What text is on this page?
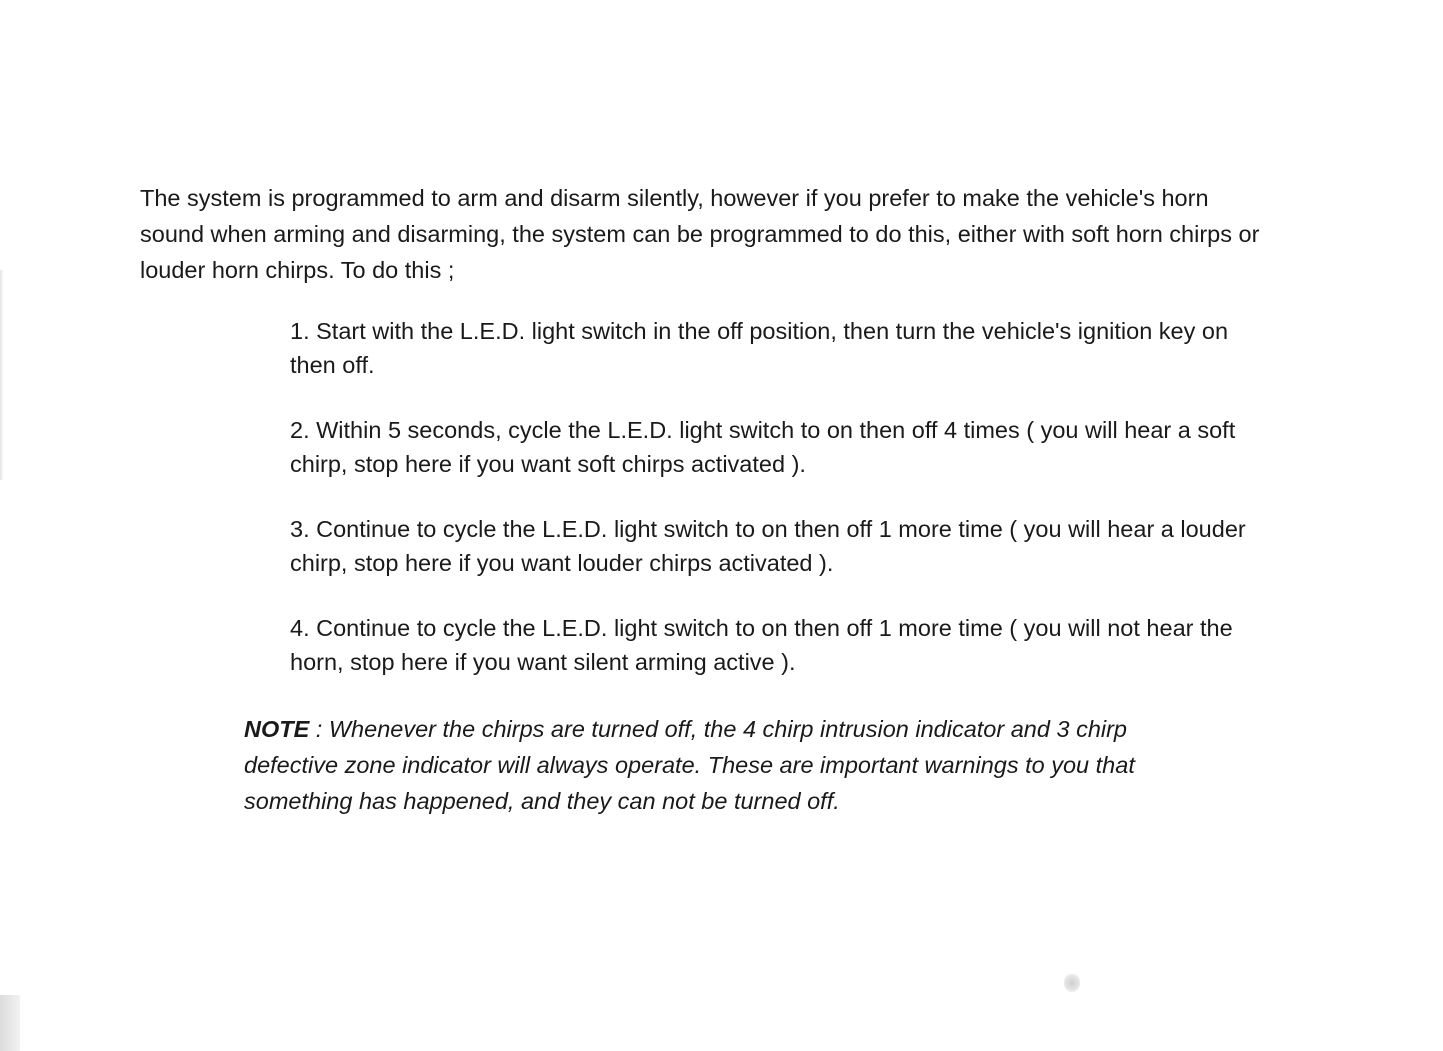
The system is programmed to arm and disarm silently, however if you prefer to make the vehicle's horn sound when arming and disarming, the system can be programmed to do this, either with soft horn chirps or louder horn chirps. To do this ;

1. Start with the L.E.D. light switch in the off position, then turn the vehicle's ignition key on then off.
2. Within 5 seconds, cycle the L.E.D. light switch to on then off 4 times ( you will hear a soft chirp, stop here if you want soft chirps activated ).
3. Continue to cycle the L.E.D. light switch to on then off 1 more time ( you will hear a louder chirp, stop here if you want louder chirps activated ).
4. Continue to cycle the L.E.D. light switch to on then off 1 more time ( you will not hear the horn, stop here if you want silent arming active ).

NOTE : Whenever the chirps are turned off, the 4 chirp intrusion indicator and 3 chirp defective zone indicator will always operate. These are important warnings to you that something has happened, and they can not be turned off.
